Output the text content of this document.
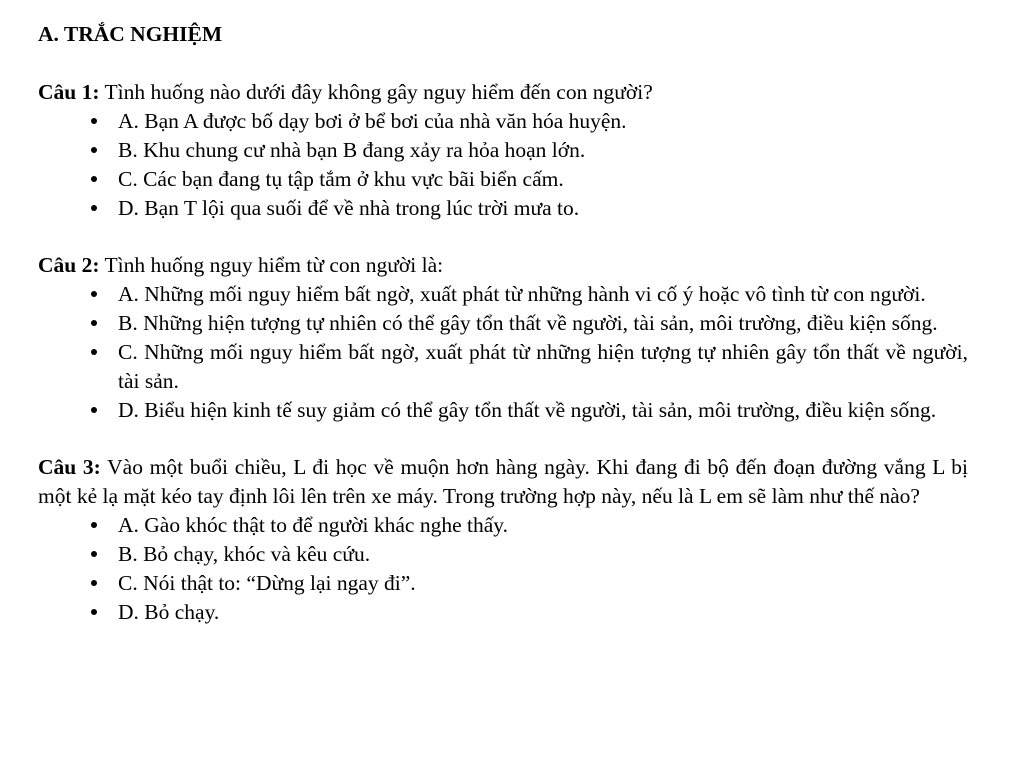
A. TRẮC NGHIỆM
Câu 1: Tình huống nào dưới đây không gây nguy hiểm đến con người?
A. Bạn A được bố dạy bơi ở bể bơi của nhà văn hóa huyện.
B. Khu chung cư nhà bạn B đang xảy ra hỏa hoạn lớn.
C. Các bạn đang tụ tập tắm ở khu vực bãi biển cấm.
D. Bạn T lội qua suối để về nhà trong lúc trời mưa to.
Câu 2: Tình huống nguy hiểm từ con người là:
A. Những mối nguy hiểm bất ngờ, xuất phát từ những hành vi cố ý hoặc vô tình từ con người.
B. Những hiện tượng tự nhiên có thể gây tổn thất về người, tài sản, môi trường, điều kiện sống.
C. Những mối nguy hiểm bất ngờ, xuất phát từ những hiện tượng tự nhiên gây tổn thất về người, tài sản.
D. Biểu hiện kinh tế suy giảm có thể gây tổn thất về người, tài sản, môi trường, điều kiện sống.
Câu 3: Vào một buổi chiều, L đi học về muộn hơn hàng ngày. Khi đang đi bộ đến đoạn đường vắng L bị một kẻ lạ mặt kéo tay định lôi lên trên xe máy. Trong trường hợp này, nếu là L em sẽ làm như thế nào?
A. Gào khóc thật to để người khác nghe thấy.
B. Bỏ chạy, khóc và kêu cứu.
C. Nói thật to: “Dừng lại ngay đi”.
D. Bỏ chạy.
